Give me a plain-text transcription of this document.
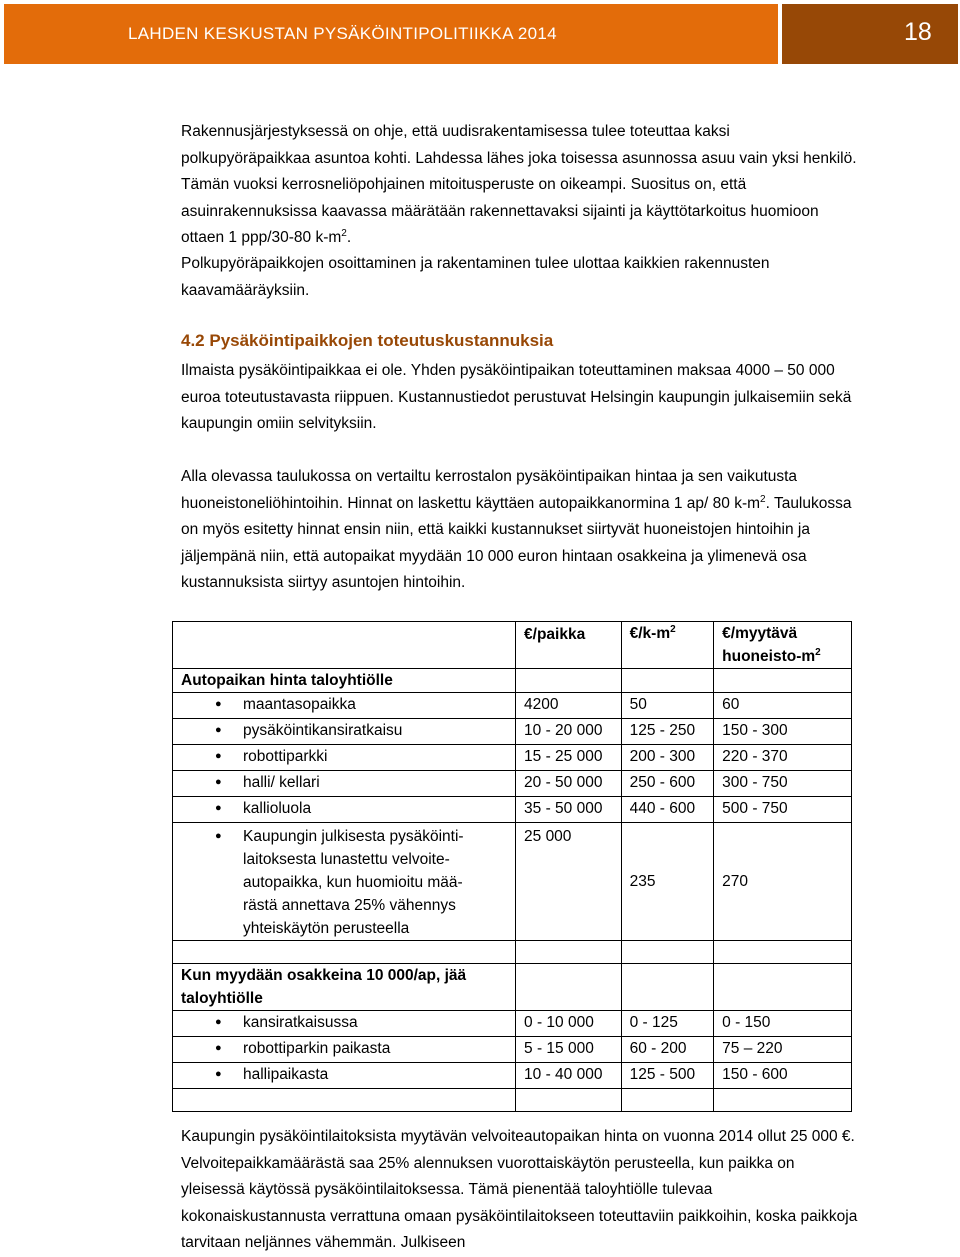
LAHDEN KESKUSTAN PYSÄKÖINTIPOLITIIKKA 2014	18
Rakennusjärjestyksessä on ohje, että uudisrakentamisessa tulee toteuttaa kaksi polkupyöräpaikkaa asuntoa kohti. Lahdessa lähes joka toisessa asunnossa asuu vain yksi henkilö. Tämän vuoksi kerrosneliöpohjainen mitoitusperuste on oikeampi. Suositus on, että asuinrakennuksissa kaavassa määrätään rakennettavaksi sijainti ja käyttötarkoitus huomioon ottaen 1 ppp/30-80 $k-m^2$.
Polkupyöräpaikkojen osoittaminen ja rakentaminen tulee ulottaa kaikkien rakennusten kaavamääräyksiin.
4.2 Pysäköintipaikkojen toteutuskustannuksia
Ilmaista pysäköintipaikkaa ei ole. Yhden pysäköintipaikan toteuttaminen maksaa 4000 – 50 000 euroa toteutustavasta riippuen. Kustannustiedot perustuvat Helsingin kaupungin julkaisemiin sekä kaupungin omiin selvityksiin.
Alla olevassa taulukossa on vertailtu kerrostalon pysäköintipaikan hintaa ja sen vaikutusta huoneistoneliöhintoihin. Hinnat on laskettu käyttäen autopaikkanormina 1 ap/ 80 $k-m^2$. Taulukossa on myös esitetty hinnat ensin niin, että kaikki kustannukset siirtyvät huoneistojen hintoihin ja jäljempänä niin, että autopaikat myydään 10 000 euron hintaan osakkeina ja ylimenevä osa kustannuksista siirtyy asuntojen hintoihin.
	€/paikka	$€/k-m^2$	€/myytävä huoneisto-$m^2$
Autopaikan hinta taloyhtiölle			

●
maantasopaikka	4200	50	60

●
pysäköintikansiratkaisu	10 - 20 000	125 - 250	150 - 300

●
robottiparkki	15 - 25 000	200 - 300	220 - 370

●
halli/ kellari	20 - 50 000	250 - 600	300 - 750

●
kallioluola	35 - 50 000	440 - 600	500 - 750

●
Kaupungin julkisesta pysäköinti-laitoksesta lunastettu velvoite-autopaikka, kun huomioitu mää-rästä annettava 25% vähennys yhteiskäytön perusteella	25 000	235	270

Kun myydään osakkeina 10 000/ap, jää taloyhtiölle			

●
kansiratkaisussa	0 - 10 000	0 - 125	0 - 150

●
robottiparkin paikasta	5 - 15 000	60 - 200	75 – 220

●
hallipaikasta	10 - 40 000	125 - 500	150 - 600

Kaupungin pysäköintilaitoksista myytävän velvoiteautopaikan hinta on vuonna 2014 ollut 25 000 €. Velvoitepaikkamäärästä saa 25% alennuksen vuorottaiskäytön perusteella, kun paikka on yleisessä käytössä pysäköintilaitoksessa. Tämä pienentää taloyhtiölle tulevaa kokonaiskustannusta verrattuna omaan pysäköintilaitokseen toteuttaviin paikkoihin, koska paikkoja tarvitaan neljännes vähemmän. Julkiseen
